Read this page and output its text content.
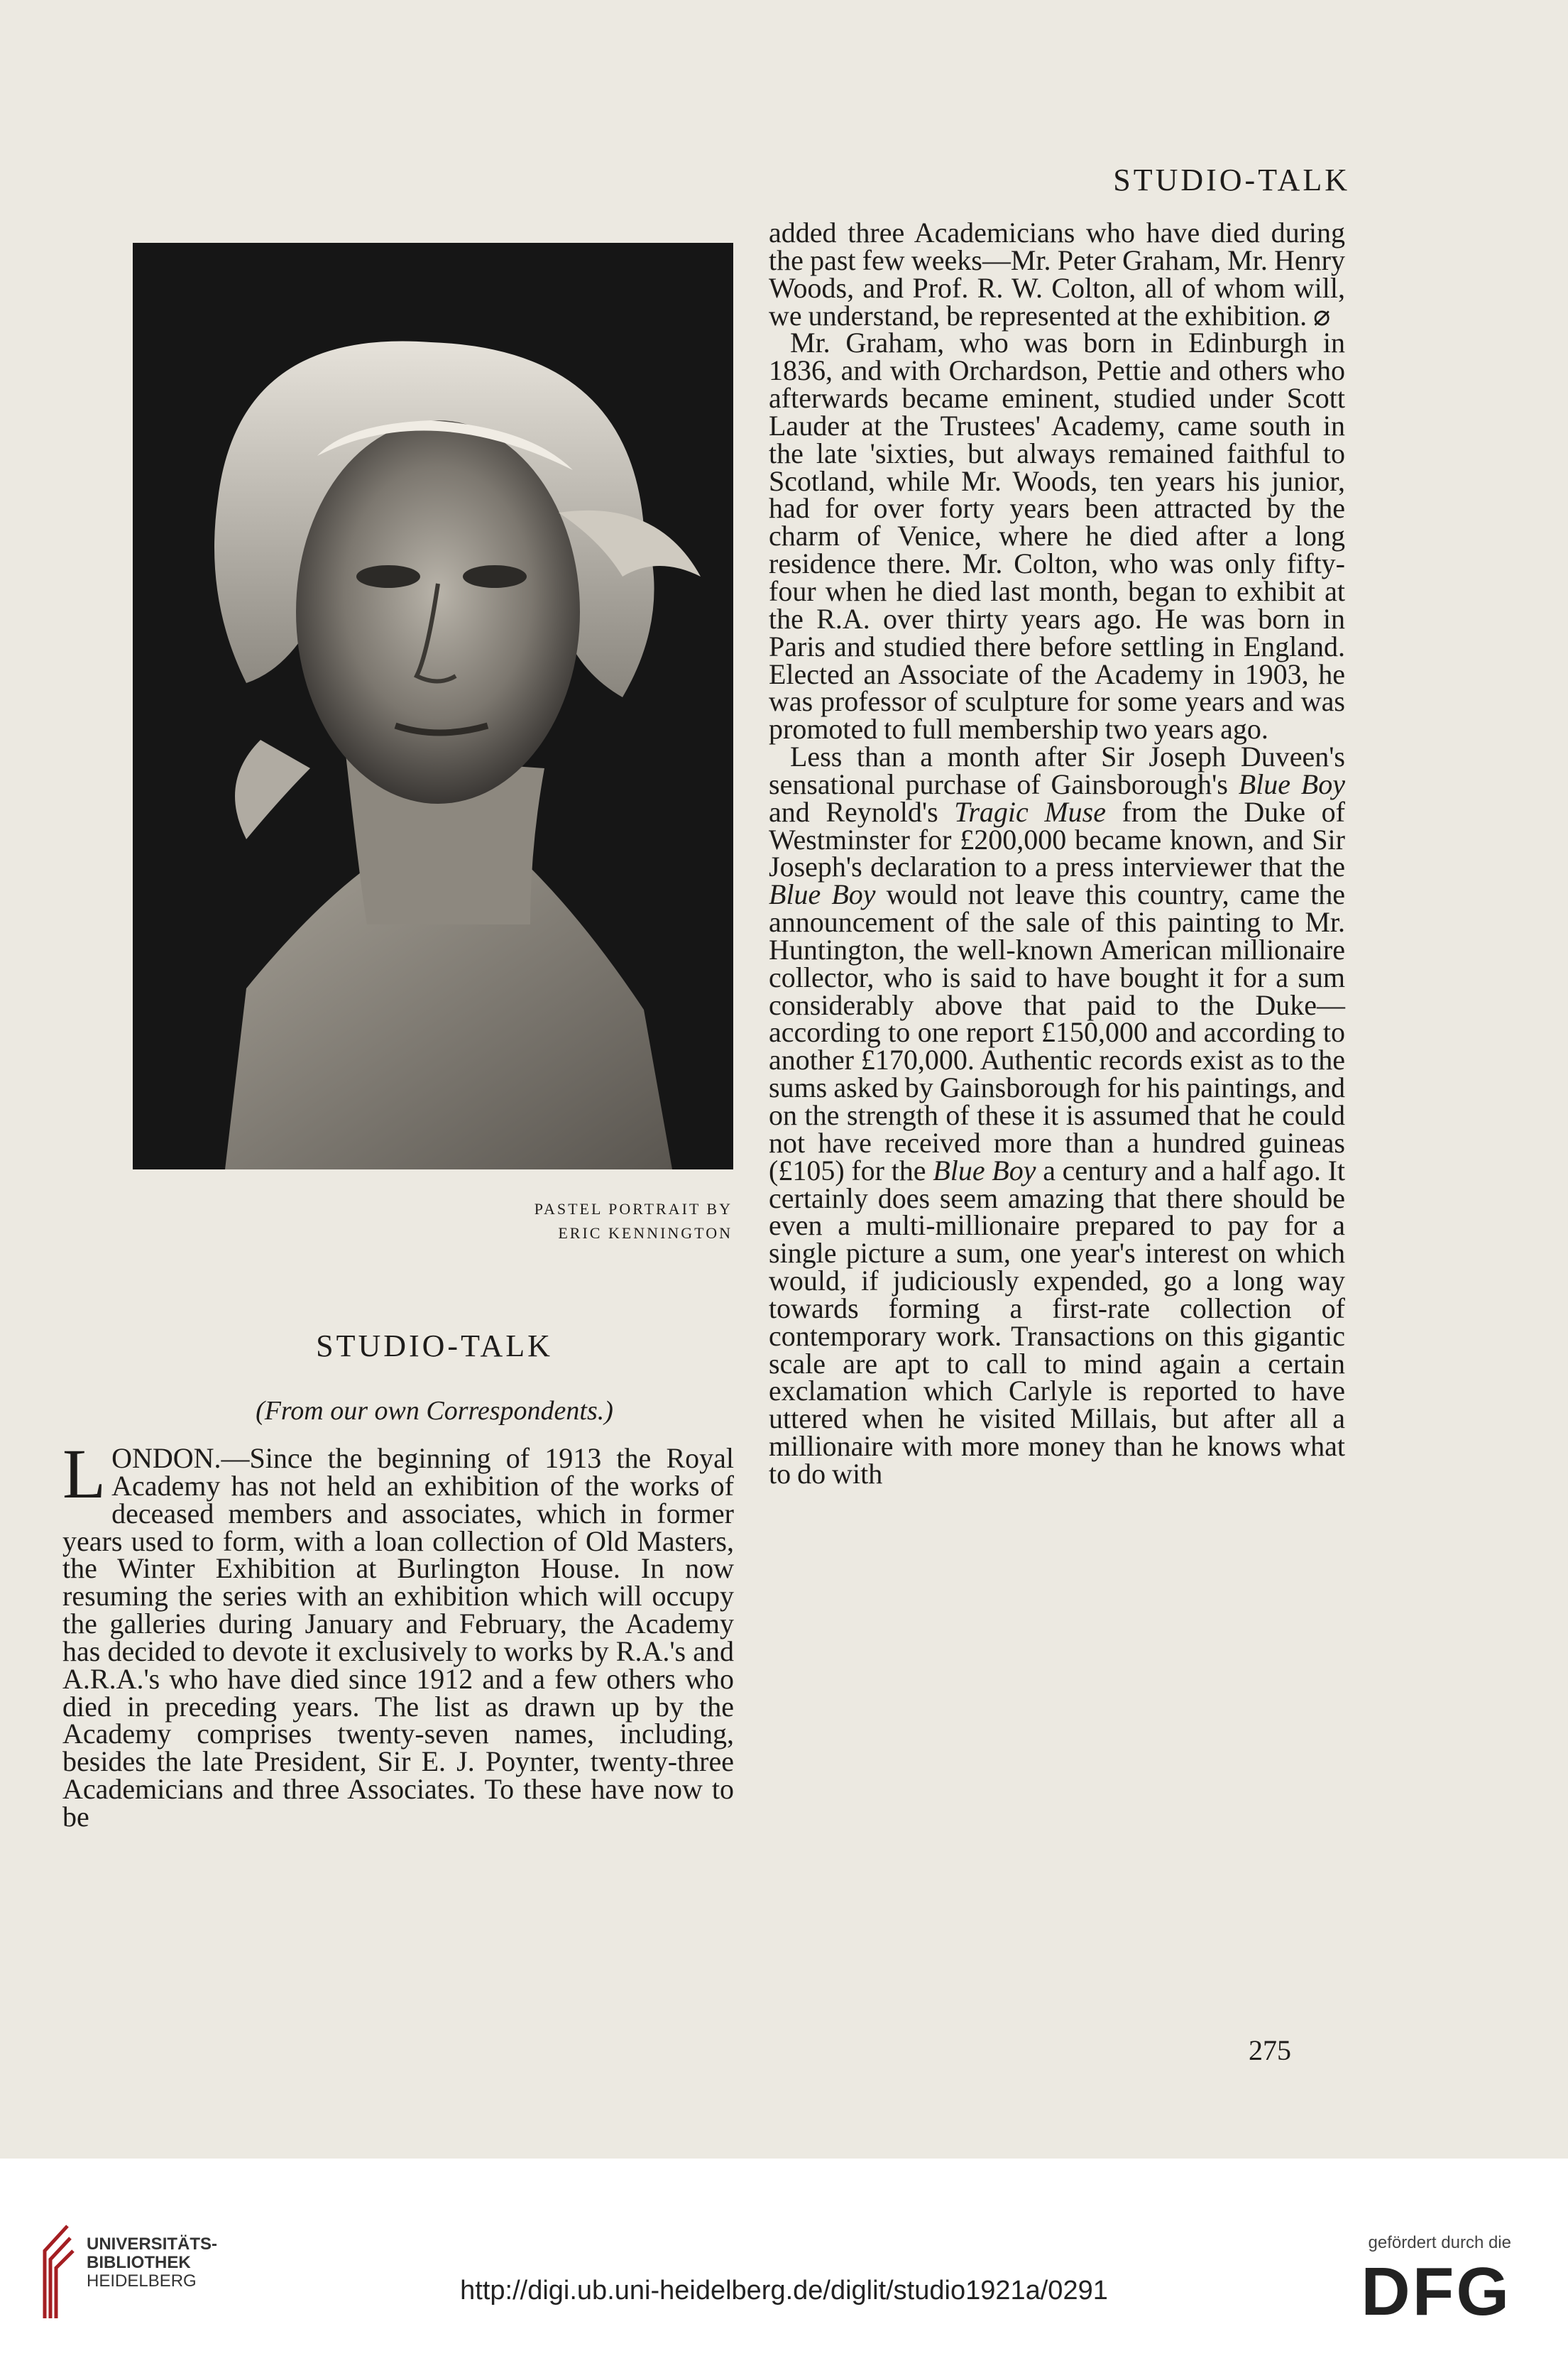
STUDIO-TALK
PASTEL PORTRAIT BY
ERIC KENNINGTON
STUDIO-TALK

(From our own Correspondents.)

LONDON.—Since the beginning of 1913 the Royal Academy has not held an exhibition of the works of deceased members and associates, which in former years used to form, with a loan collection of Old Masters, the Winter Exhibition at Burlington House. In now resuming the series with an exhibition which will occupy the galleries during January and February, the Academy has decided to devote it exclusively to works by R.A.'s and A.R.A.'s who have died since 1912 and a few others who died in preceding years. The list as drawn up by the Academy comprises twenty-seven names, including, besides the late President, Sir E. J. Poynter, twenty-three Academicians and three Associates. To these have now to be

added three Academicians who have died during the past few weeks—Mr. Peter Graham, Mr. Henry Woods, and Prof. R. W. Colton, all of whom will, we understand, be represented at the exhibition. ⌀

Mr. Graham, who was born in Edinburgh in 1836, and with Orchardson, Pettie and others who afterwards became eminent, studied under Scott Lauder at the Trustees' Academy, came south in the late 'sixties, but always remained faithful to Scotland, while Mr. Woods, ten years his junior, had for over forty years been attracted by the charm of Venice, where he died after a long residence there. Mr. Colton, who was only fifty-four when he died last month, began to exhibit at the R.A. over thirty years ago. He was born in Paris and studied there before settling in England. Elected an Associate of the Academy in 1903, he was professor of sculpture for some years and was promoted to full membership two years ago.

Less than a month after Sir Joseph Duveen's sensational purchase of Gainsborough's Blue Boy and Reynold's Tragic Muse from the Duke of Westminster for £200,000 became known, and Sir Joseph's declaration to a press interviewer that the Blue Boy would not leave this country, came the announcement of the sale of this painting to Mr. Huntington, the well-known American millionaire collector, who is said to have bought it for a sum considerably above that paid to the Duke—according to one report £150,000 and according to another £170,000. Authentic records exist as to the sums asked by Gainsborough for his paintings, and on the strength of these it is assumed that he could not have received more than a hundred guineas (£105) for the Blue Boy a century and a half ago. It certainly does seem amazing that there should be even a multi-millionaire prepared to pay for a single picture a sum, one year's interest on which would, if judiciously expended, go a long way towards forming a first-rate collection of contemporary work. Transactions on this gigantic scale are apt to call to mind again a certain exclamation which Carlyle is reported to have uttered when he visited Millais, but after all a millionaire with more money than he knows what to do with

275
UNIVERSITÄTS-
BIBLIOTHEK
HEIDELBERG	http://digi.ub.uni-heidelberg.de/diglit/studio1921a/0291
gefördert durch die
DFG
